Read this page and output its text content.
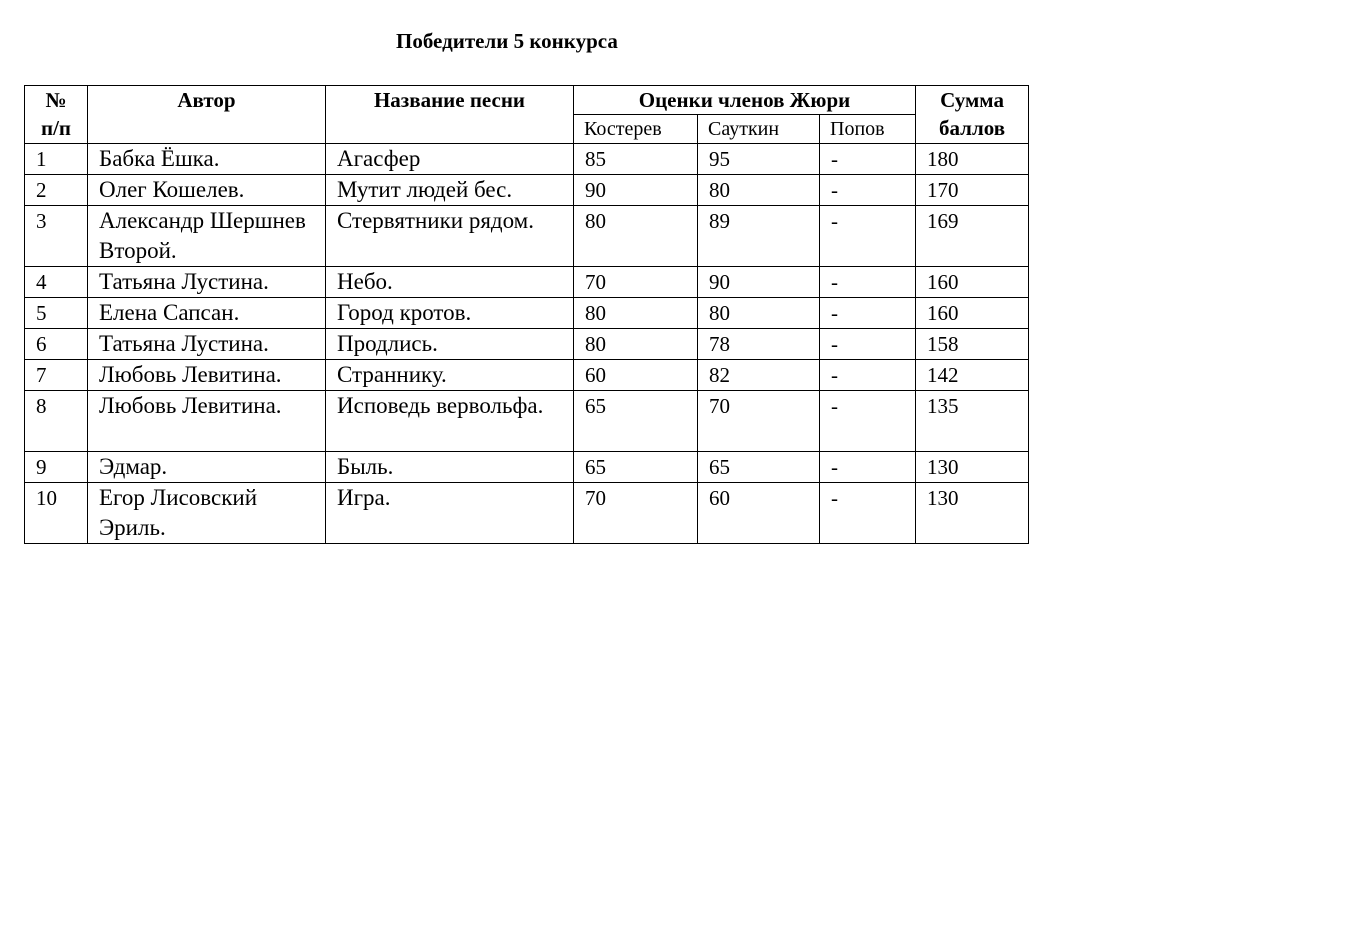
Победители 5 конкурса
№ п/п	Автор	Название песни	Оценки членов Жюри			Сумма баллов
			Костерев	Сауткин	Попов	
1	Бабка Ёшка.	Агасфер	85	95	-	180
2	Олег Кошелев.	Мутит людей бес.	90	80	-	170
3	Александр Шершнев Второй.	Стервятники рядом.	80	89	-	169
4	Татьяна Лустина.	Небо.	70	90	-	160
5	Елена Сапсан.	Город кротов.	80	80	-	160
6	Татьяна Лустина.	Продлись.	80	78	-	158
7	Любовь Левитина.	Страннику.	60	82	-	142
8	Любовь Левитина.	Исповедь вервольфа.	65	70	-	135
9	Эдмар.	Быль.	65	65	-	130
10	Егор Лисовский Эриль.	Игра.	70	60	-	130
